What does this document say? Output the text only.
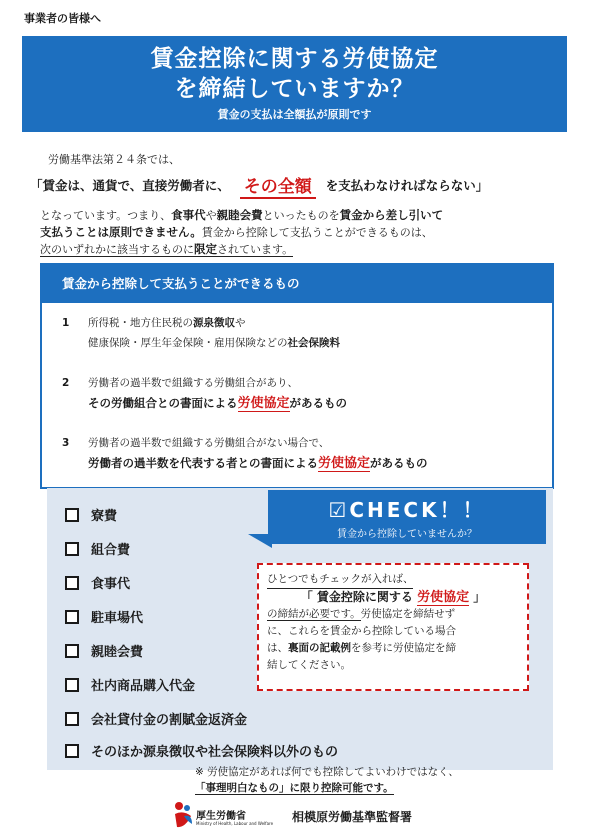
事業者の皆様へ
賃金控除に関する労使協定
を締結していますか？
賃金の支払は全額払が原則です
労働基準法第２４条では、
「賃金は、通貨で、直接労働者に、 その全額	を支払わなければならない」
となっています。つまり、食事代や親睦会費といったものを賃金から差し引いて
支払うことは原則できません。賃金から控除して支払うことができるものは、
次のいずれかに該当するものに限定されています。
賃金から控除して支払うことができるもの
1	所得税・地方住民税の源泉徴収や
健康保険・厚生年金保険・雇用保険などの社会保険料
2	労働者の過半数で組織する労働組合があり、
その労働組合との書面による労使協定があるもの
3	労働者の過半数で組織する労働組合がない場合で、
労働者の過半数を代表する者との書面による労使協定があるもの
寮費
組合費
食事代
駐車場代
親睦会費
社内商品購入代金
会社貸付金の割賦金返済金
そのほか源泉徴収や社会保険料以外のもの
☑CHECK！！
賃金から控除していませんか？
ひとつでもチェックが入れば、
「 賃金控除に関する 労使協定 」
の締結が必要です。労使協定を締結せず
に、これらを賃金から控除している場合
は、裏面の記載例を参考に労使協定を締
結してください。
※ 労使協定があれば何でも控除してよいわけではなく、
「事理明白なもの」に限り控除可能です。
厚生労働省
Ministry of Health, Labour and Welfare 相模原労働基準監督署
